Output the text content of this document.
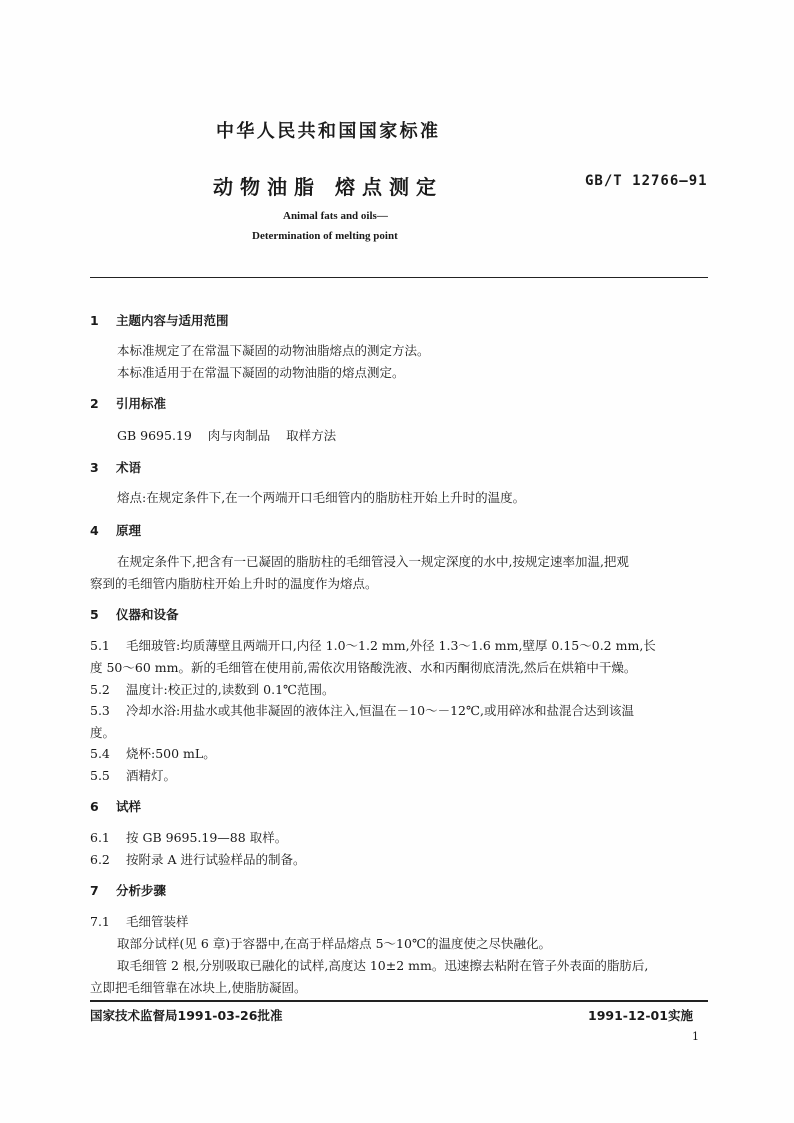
中华人民共和国国家标准
动物油脂 熔点测定	GB/T 12766—91
Animal fats and oils—
Determination of melting point
1 主题内容与适用范围
本标准规定了在常温下凝固的动物油脂熔点的测定方法。
本标准适用于在常温下凝固的动物油脂的熔点测定。
2 引用标准
GB 9695.19    肉与肉制品    取样方法
3 术语
熔点:在规定条件下,在一个两端开口毛细管内的脂肪柱开始上升时的温度。
4 原理
在规定条件下,把含有一已凝固的脂肪柱的毛细管浸入一规定深度的水中,按规定速率加温,把观
察到的毛细管内脂肪柱开始上升时的温度作为熔点。
5 仪器和设备
5.1 毛细玻管:均质薄壁且两端开口,内径 1.0～1.2 mm,外径 1.3～1.6 mm,壁厚 0.15～0.2 mm,长
度 50～60 mm。新的毛细管在使用前,需依次用铬酸洗液、水和丙酮彻底清洗,然后在烘箱中干燥。
5.2 温度计:校正过的,读数到 0.1℃范围。
5.3 冷却水浴:用盐水或其他非凝固的液体注入,恒温在－10～－12℃,或用碎冰和盐混合达到该温
度。
5.4 烧杯:500 mL。
5.5 酒精灯。
6 试样
6.1 按 GB 9695.19—88 取样。
6.2 按附录 A 进行试验样品的制备。
7 分析步骤
7.1 毛细管装样
取部分试样(见 6 章)于容器中,在高于样品熔点 5～10℃的温度使之尽快融化。
取毛细管 2 根,分别吸取已融化的试样,高度达 10±2 mm。迅速擦去粘附在管子外表面的脂肪后,
立即把毛细管靠在冰块上,使脂肪凝固。
国家技术监督局1991-03-26批准	1991-12-01实施
1
